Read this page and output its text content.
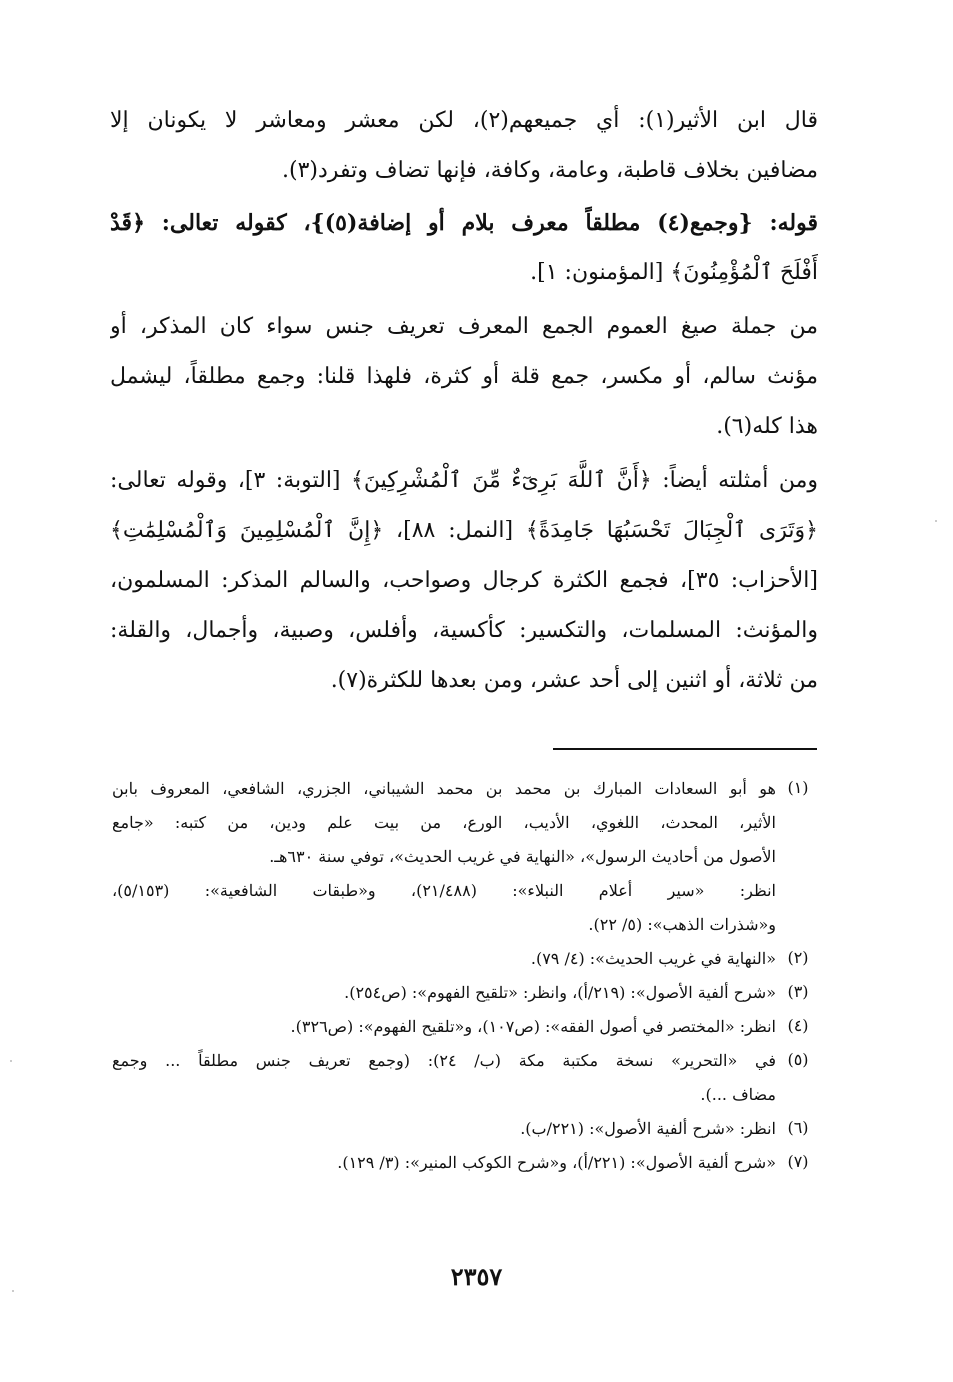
قال ابن الأثير(١): أي جميعهم(٢)، لكن معشر ومعاشر لا يكونان إلا
مضافين بخلاف قاطبة، وعامة، وكافة، فإنها تضاف وتفرد(٣).
قوله: {وجمع(٤) مطلقاً معرف بلام أو إضافة(٥)}، كقوله تعالى: ﴿قَدْ
أَفْلَحَ ٱلْمُؤْمِنُونَ﴾ [المؤمنون: ١].
من جملة صيغ العموم الجمع المعرف تعريف جنس سواء كان المذكر، أو
مؤنث سالم، أو مكسر، جمع قلة أو كثرة، فلهذا قلنا: وجمع مطلقاً، ليشمل
هذا كله(٦).
ومن أمثلته أيضاً: ﴿أَنَّ ٱللَّهَ بَرِىٓءٌ مِّنَ ٱلْمُشْرِكِينَ﴾ [التوبة: ٣]، وقوله تعالى:
﴿وَتَرَى ٱلْجِبَالَ تَحْسَبُهَا جَامِدَةً﴾ [النمل: ٨٨]، ﴿إِنَّ ٱلْمُسْلِمِينَ وَٱلْمُسْلِمَٰتِ﴾
[الأحزاب: ٣٥]، فجمع الكثرة كرجال وصواحب، والسالم المذكر: المسلمون،
والمؤنث: المسلمات، والتكسير: كأكسية، وأفلس، وصبية، وأجمال، والقلة:
من ثلاثة، أو اثنين إلى أحد عشر، ومن بعدها للكثرة(٧).
(١)
هو أبو السعادات المبارك بن محمد بن محمد الشيباني، الجزري، الشافعي، المعروف بابن
الأثير، المحدث، اللغوي، الأديب، الورع، من بيت علم ودين، من كتبه: «جامع
الأصول من أحاديث الرسول»، «النهاية في غريب الحديث»، توفي سنة ٦٣٠هـ.
انظر: «سير أعلام النبلاء»: (٢١/٤٨٨)، و«طبقات الشافعية»: (٥/١٥٣)،
و«شذرات الذهب»: (٥/ ٢٢).
(٢)
«النهاية في غريب الحديث»: (٤/ ٧٩).
(٣)
«شرح ألفية الأصول»: (٢١٩/أ)، وانظر: «تلقيح الفهوم»: (ص٢٥٤).
(٤)
انظر: «المختصر في أصول الفقه»: (ص١٠٧)، و«تلقيح الفهوم»: (ص٣٢٦).
(٥)
في «التحرير» نسخة مكتبة مكة (ب/ ٢٤): (وجمع تعريف جنس مطلقاً ... وجمع
مضاف ...).
(٦)
انظر: «شرح ألفية الأصول»: (٢٢١/ب).
(٧)
«شرح ألفية الأصول»: (٢٢١/أ)، و«شرح الكوكب المنير»: (٣/ ١٢٩).
٢٣٥٧
